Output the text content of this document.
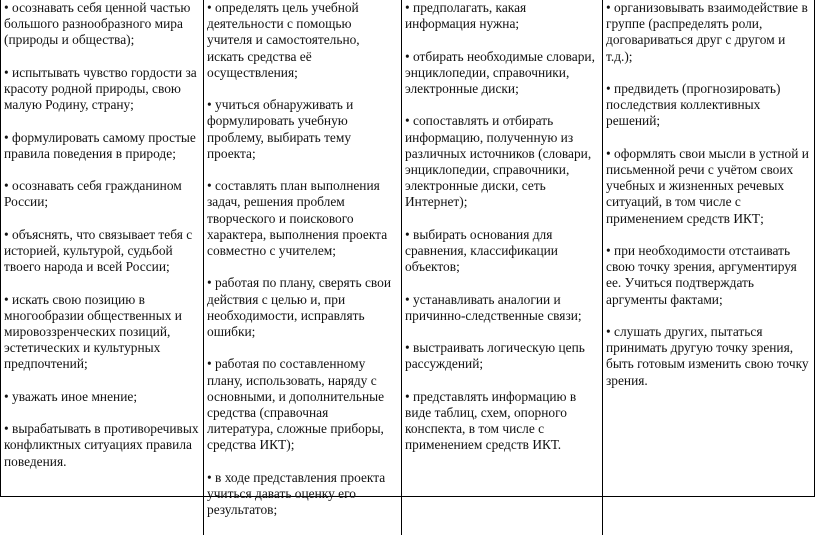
• осознавать себя ценной частью большого разнообразного мира (природы и общества);

• испытывать чувство гордости за красоту родной природы, свою малую Родину, страну;

• формулировать самому простые правила поведения в природе;

• осознавать себя гражданином России;

• объяснять, что связывает тебя с историей, культурой, судьбой твоего народа и всей России;

• искать свою позицию в многообразии общественных и мировоззренческих позиций, эстетических и культурных предпочтений;

• уважать иное мнение;

• вырабатывать в противоречивых конфликтных ситуациях правила поведения.

• определять цель учебной деятельности с помощью учителя и самостоятельно, искать средства её осуществления;

• учиться обнаруживать и формулировать учебную проблему, выбирать тему проекта;

• составлять план выполнения задач, решения проблем творческого и поискового характера, выполнения проекта совместно с учителем;

• работая по плану, сверять свои действия с целью и, при необходимости, исправлять ошибки;

• работая по составленному плану, использовать, наряду с основными, и дополнительные средства (справочная литература, сложные приборы, средства ИКТ);

• в ходе представления проекта учиться давать оценку его результатов;

• предполагать, какая информация нужна;

• отбирать необходимые словари, энциклопедии, справочники, электронные диски;

• сопоставлять и отбирать информацию, полученную из различных источников (словари, энциклопедии, справочники, электронные диски, сеть Интернет);

• выбирать основания для сравнения, классификации объектов;

• устанавливать аналогии и причинно-следственные связи;

• выстраивать логическую цепь рассуждений;

• представлять информацию в виде таблиц, схем, опорного конспекта, в том числе с применением средств ИКТ.

• организовывать взаимодействие в группе (распределять роли, договариваться друг с другом и т.д.);

• предвидеть (прогнозировать) последствия коллективных решений;

• оформлять свои мысли в устной и письменной речи с учётом своих учебных и жизненных речевых ситуаций, в том числе с применением средств ИКТ;

• при необходимости отстаивать свою точку зрения, аргументируя ее. Учиться подтверждать аргументы фактами;

• слушать других, пытаться принимать другую точку зрения, быть готовым изменить свою точку зрения.
